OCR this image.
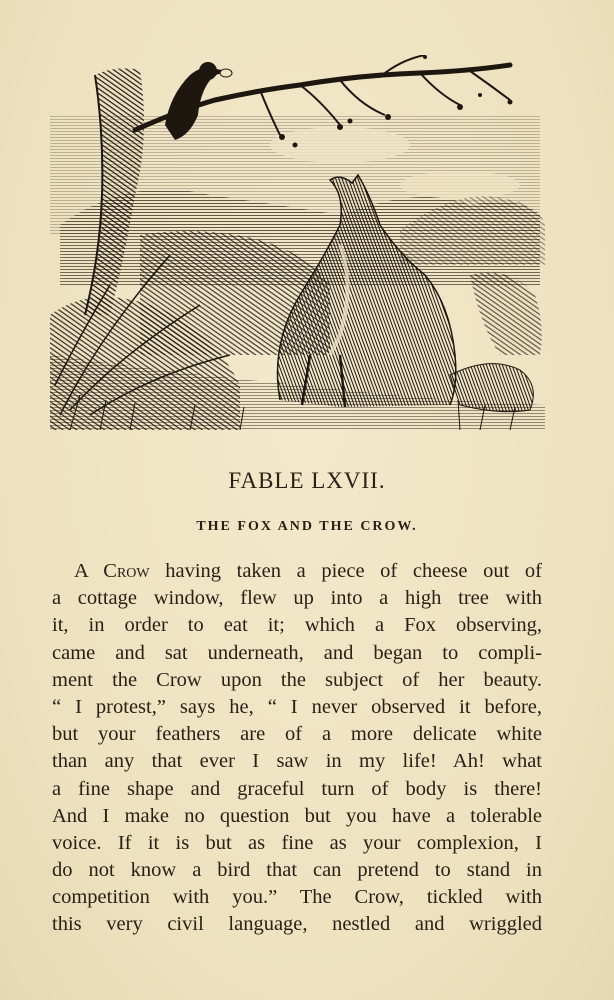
FABLE LXVII.
THE FOX AND THE CROW.
A Crow having taken a piece of cheese out of
a cottage window, flew up into a high tree with
it, in order to eat it; which a Fox observing,
came and sat underneath, and began to compli-
ment the Crow upon the subject of her beauty.
“ I protest,” says he, “ I never observed it before,
but your feathers are of a more delicate white
than any that ever I saw in my life! Ah! what
a fine shape and graceful turn of body is there!
And I make no question but you have a tolerable
voice. If it is but as fine as your complexion, I
do not know a bird that can pretend to stand in
competition with you.” The Crow, tickled with
this very civil language, nestled and wriggled
